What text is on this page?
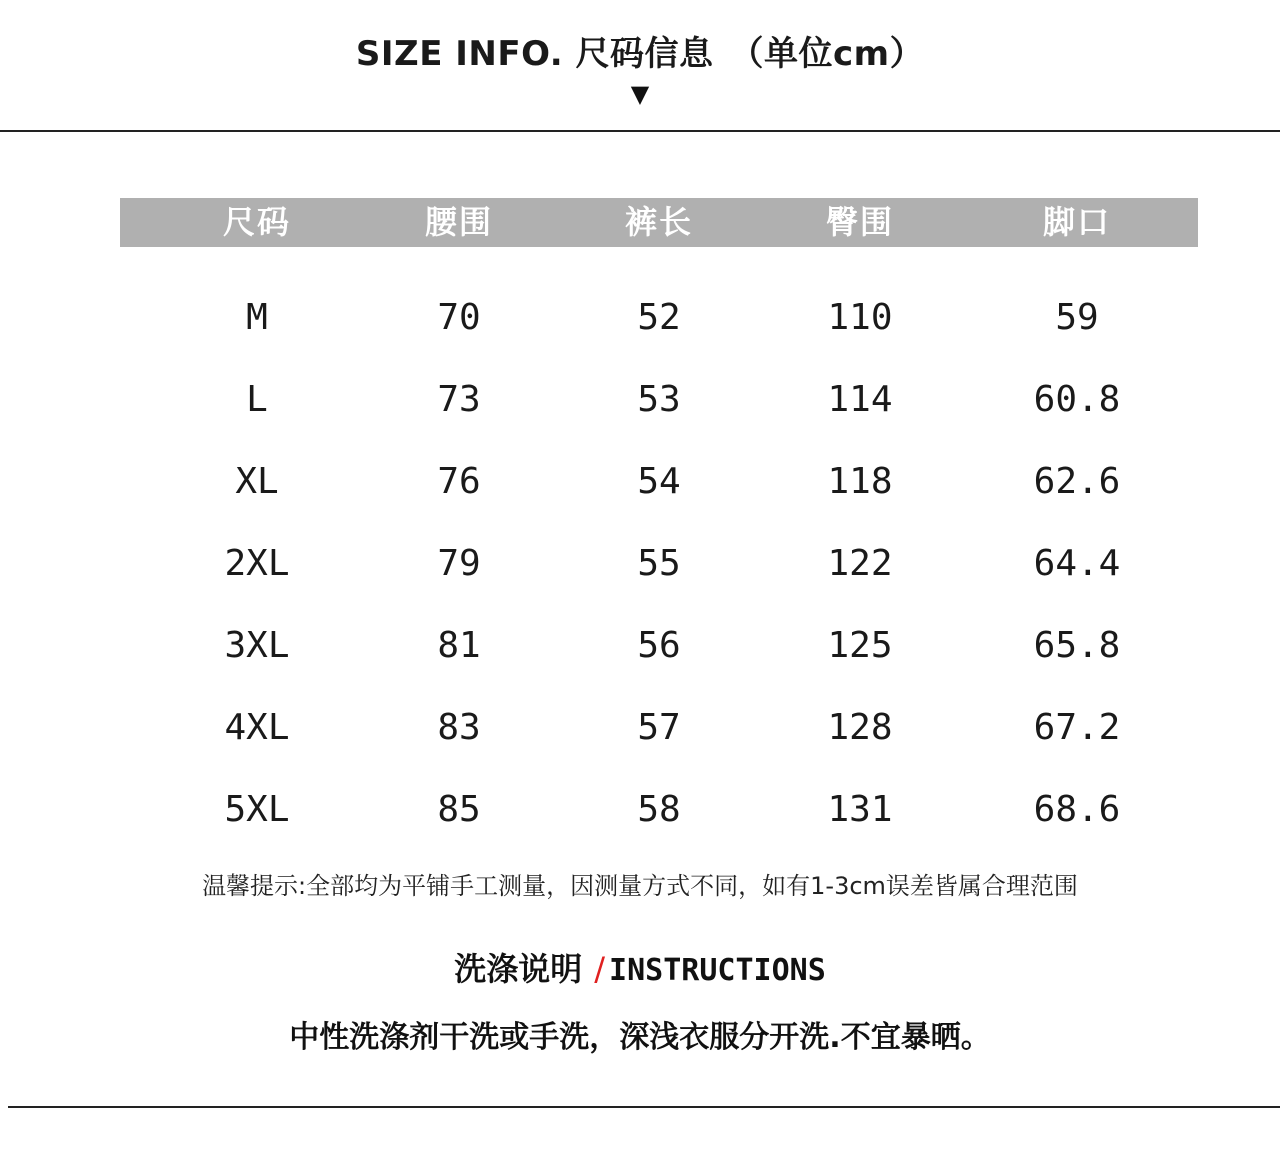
SIZE INFO. 尺码信息 （单位cm）
▼
尺码	腰围	裤长	臀围	脚口
M	70	52	110	59
L	73	53	114	60.8
XL	76	54	118	62.6
2XL	79	55	122	64.4
3XL	81	56	125	65.8
4XL	83	57	128	67.2
5XL	85	58	131	68.6
温馨提示:全部均为平铺手工测量，因测量方式不同，如有1-3cm误差皆属合理范围
洗涤说明 / INSTRUCTIONS
中性洗涤剂干洗或手洗，深浅衣服分开洗.不宜暴晒。
